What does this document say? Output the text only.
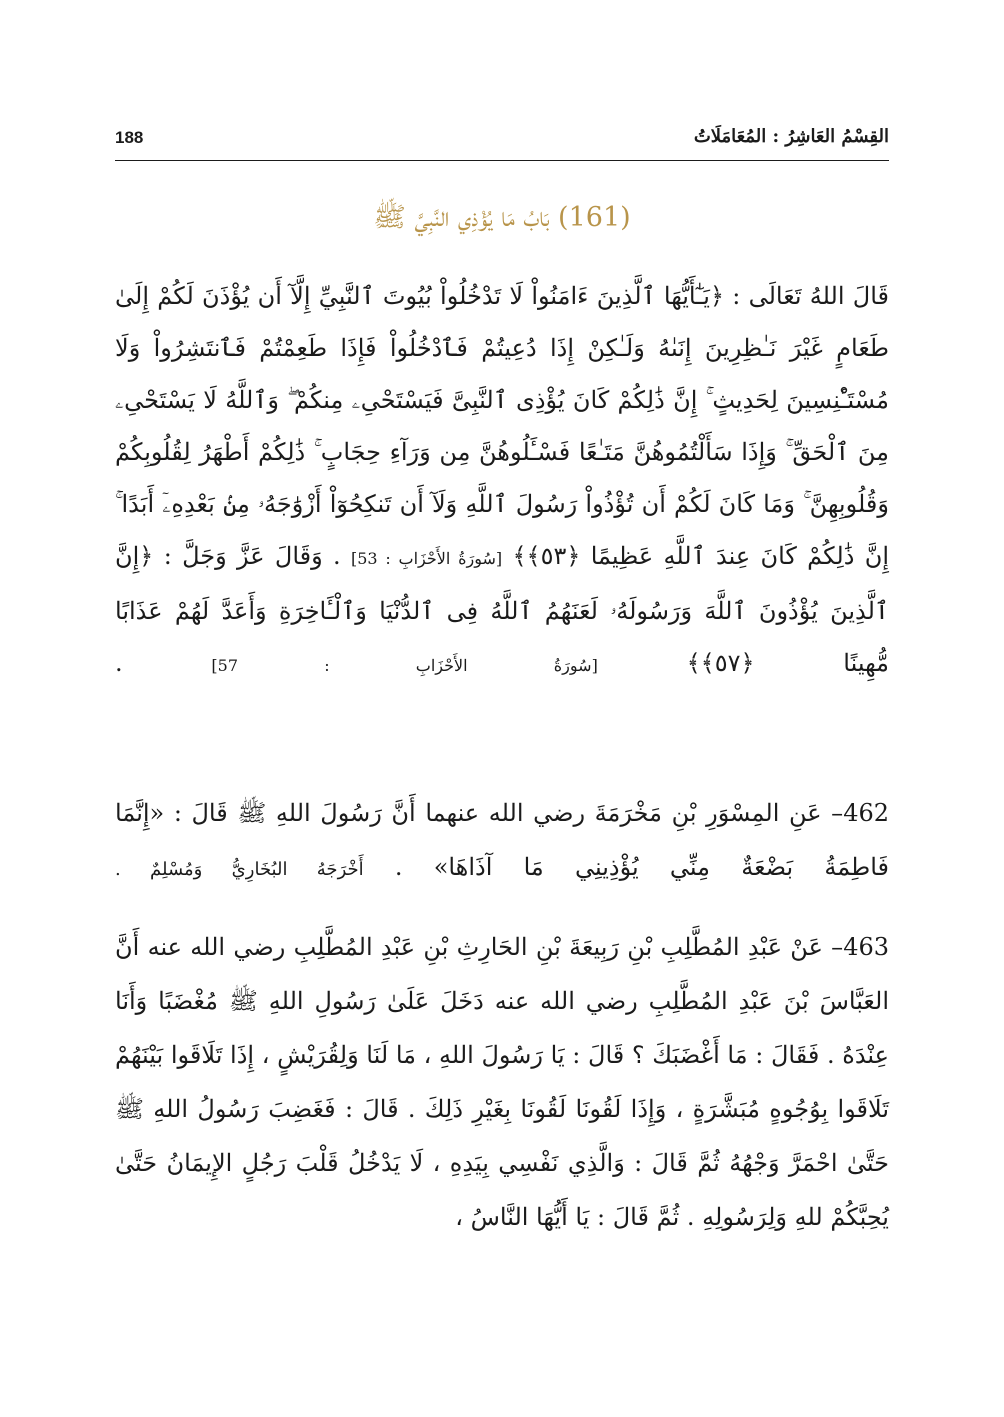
188	القِسْمُ العَاشِرُ : المُعَامَلَاتُ
(161) بَابُ مَا يُؤْذِي النَّبِيَّ ﷺ

قَالَ اللهُ تَعَالَى : ﴿يَـٰٓأَيُّهَا ٱلَّذِينَ ءَامَنُواْ لَا تَدْخُلُواْ بُيُوتَ ٱلنَّبِيِّ إِلَّآ أَن يُؤْذَنَ لَكُمْ إِلَىٰ طَعَامٍ غَيْرَ نَـٰظِرِينَ إِنَىٰهُ وَلَـٰكِنْ إِذَا دُعِيتُمْ فَٱدْخُلُواْ فَإِذَا طَعِمْتُمْ فَٱنتَشِرُواْ وَلَا مُسْتَـْٔنِسِينَ لِحَدِيثٍ ۚ إِنَّ ذَٰلِكُمْ كَانَ يُؤْذِى ٱلنَّبِىَّ فَيَسْتَحْىِۦ مِنكُمْ ۖ وَٱللَّهُ لَا يَسْتَحْىِۦ مِنَ ٱلْحَقِّ ۚ وَإِذَا سَأَلْتُمُوهُنَّ مَتَـٰعًا فَسْـَٔلُوهُنَّ مِن وَرَآءِ حِجَابٍ ۚ ذَٰلِكُمْ أَطْهَرُ لِقُلُوبِكُمْ وَقُلُوبِهِنَّ ۚ وَمَا كَانَ لَكُمْ أَن تُؤْذُواْ رَسُولَ ٱللَّهِ وَلَآ أَن تَنكِحُوٓاْ أَزْوَٰجَهُۥ مِنۢ بَعْدِهِۦٓ أَبَدًا ۚ إِنَّ ذَٰلِكُمْ كَانَ عِندَ ٱللَّهِ عَظِيمًا ﴿٥٣﴾﴾ [سُورَةُ الأَحْزَابِ : 53] . وَقَالَ عَزَّ وَجَلَّ : ﴿إِنَّ ٱلَّذِينَ يُؤْذُونَ ٱللَّهَ وَرَسُولَهُۥ لَعَنَهُمُ ٱللَّهُ فِى ٱلدُّنْيَا وَٱلْـَٔاخِرَةِ وَأَعَدَّ لَهُمْ عَذَابًا مُّهِينًا ﴿٥٧﴾﴾ [سُورَةُ الأَحْزَابِ : 57] .

462– عَنِ المِسْوَرِ بْنِ مَخْرَمَةَ رضي الله عنهما أَنَّ رَسُولَ اللهِ ﷺ قَالَ : «إِنَّمَا فَاطِمَةُ بَضْعَةٌ مِنِّي يُؤْذِينِي مَا آذَاهَا» . أَخْرَجَهُ البُخَارِيُّ وَمُسْلِمٌ .

463– عَنْ عَبْدِ المُطَّلِبِ بْنِ رَبِيعَةَ بْنِ الحَارِثِ بْنِ عَبْدِ المُطَّلِبِ رضي الله عنه أَنَّ العَبَّاسَ بْنَ عَبْدِ المُطَّلِبِ رضي الله عنه دَخَلَ عَلَىٰ رَسُولِ اللهِ ﷺ مُغْضَبًا وَأَنَا عِنْدَهُ . فَقَالَ : مَا أَغْضَبَكَ ؟ قَالَ : يَا رَسُولَ اللهِ ، مَا لَنَا وَلِقُرَيْشٍ ، إِذَا تَلَاقَوا بَيْنَهُمْ تَلَاقَوا بِوُجُوهٍ مُبَشَّرَةٍ ، وَإِذَا لَقُونَا لَقُونَا بِغَيْرِ ذَلِكَ . قَالَ : فَغَضِبَ رَسُولُ اللهِ ﷺ حَتَّىٰ احْمَرَّ وَجْهُهُ ثُمَّ قَالَ : وَالَّذِي نَفْسِي بِيَدِهِ ، لَا يَدْخُلُ قَلْبَ رَجُلٍ الإِيمَانُ حَتَّىٰ يُحِبَّكُمْ للهِ وَلِرَسُولِهِ . ثُمَّ قَالَ : يَا أَيُّهَا النَّاسُ ،
